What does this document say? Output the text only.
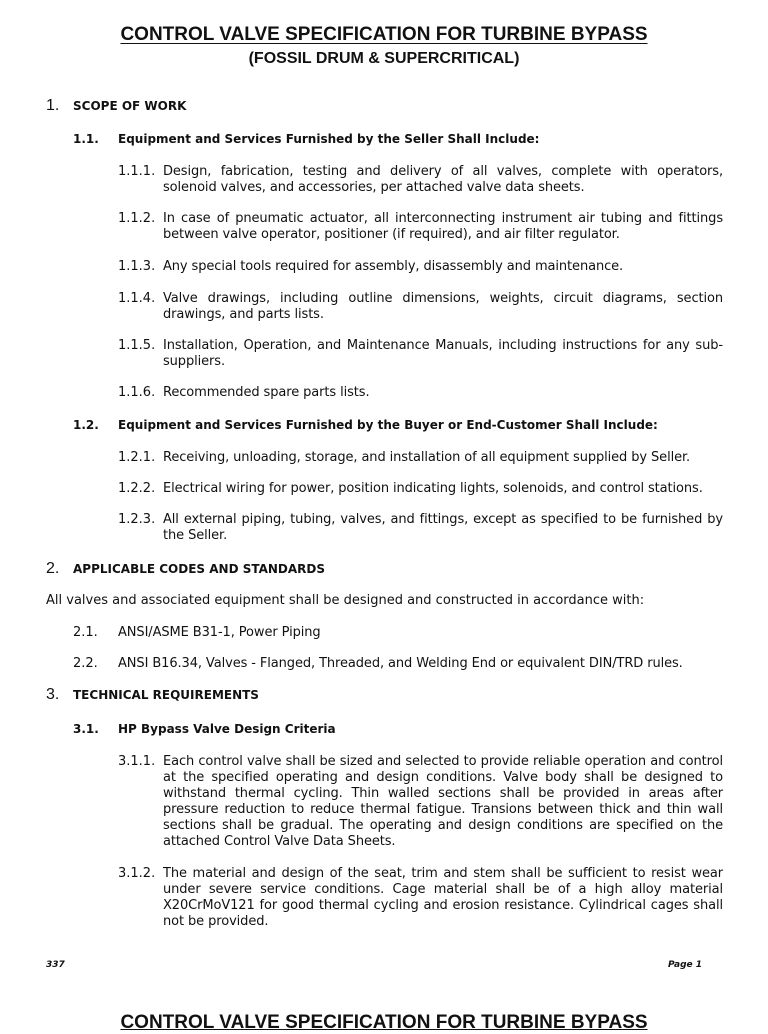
CONTROL VALVE SPECIFICATION FOR TURBINE BYPASS
(FOSSIL DRUM & SUPERCRITICAL)
1. SCOPE OF WORK
1.1. Equipment and Services Furnished by the Seller Shall Include:
1.1.1. Design, fabrication, testing and delivery of all valves, complete with operators, solenoid valves, and accessories, per attached valve data sheets.
1.1.2. In case of pneumatic actuator, all interconnecting instrument air tubing and fittings between valve operator, positioner (if required), and air filter regulator.
1.1.3. Any special tools required for assembly, disassembly and maintenance.
1.1.4. Valve drawings, including outline dimensions, weights, circuit diagrams, section drawings, and parts lists.
1.1.5. Installation, Operation, and Maintenance Manuals, including instructions for any sub-suppliers.
1.1.6. Recommended spare parts lists.
1.2. Equipment and Services Furnished by the Buyer or End-Customer Shall Include:
1.2.1. Receiving, unloading, storage, and installation of all equipment supplied by Seller.
1.2.2. Electrical wiring for power, position indicating lights, solenoids, and control stations.
1.2.3. All external piping, tubing, valves, and fittings, except as specified to be furnished by the Seller.
2. APPLICABLE CODES AND STANDARDS
All valves and associated equipment shall be designed and constructed in accordance with:
2.1. ANSI/ASME B31-1, Power Piping
2.2. ANSI B16.34, Valves - Flanged, Threaded, and Welding End or equivalent DIN/TRD rules.
3. TECHNICAL REQUIREMENTS
3.1. HP Bypass Valve Design Criteria
3.1.1. Each control valve shall be sized and selected to provide reliable operation and control at the specified operating and design conditions. Valve body shall be designed to withstand thermal cycling. Thin walled sections shall be provided in areas after pressure reduction to reduce thermal fatigue. Transions between thick and thin wall sections shall be gradual. The operating and design conditions are specified on the attached Control Valve Data Sheets.
3.1.2. The material and design of the seat, trim and stem shall be sufficient to resist wear under severe service conditions. Cage material shall be of a high alloy material X20CrMoV121 for good thermal cycling and erosion resistance. Cylindrical cages shall not be provided.
337	Page 1
CONTROL VALVE SPECIFICATION FOR TURBINE BYPASS
